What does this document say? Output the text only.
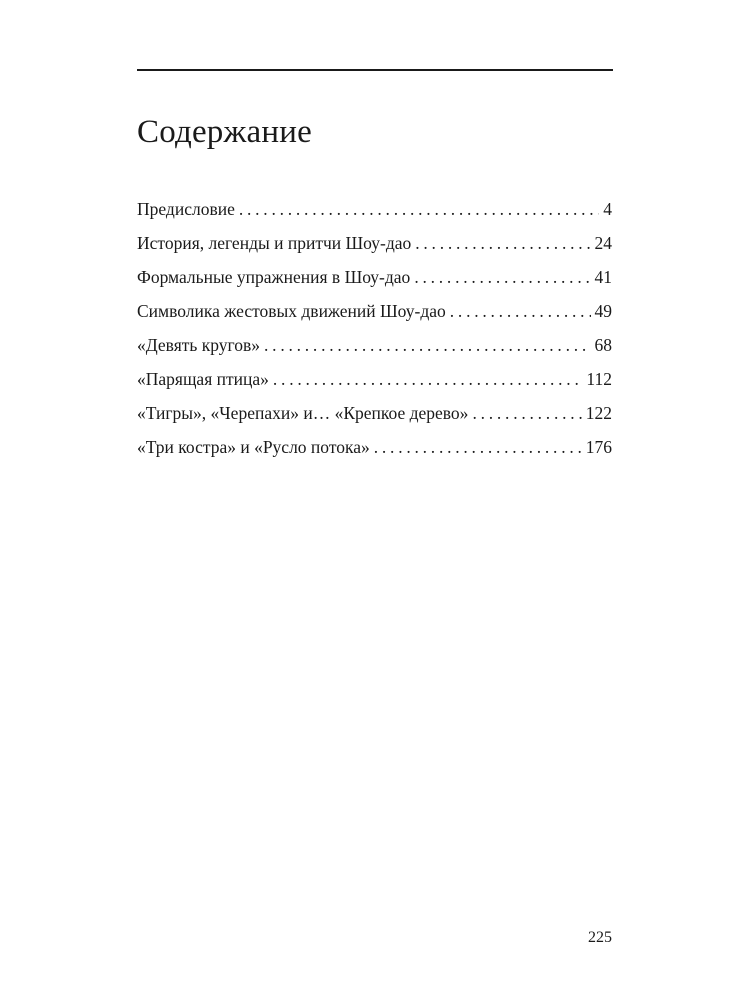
Содержание
Предисловие . . .	4
История, легенды и притчи Шоу-дао . . .	24
Формальные упражнения в Шоу-дао . . .	41
Символика жестовых движений Шоу-дао . . .	49
«Девять кругов» . . .	68
«Парящая птица» . . .	112
«Тигры», «Черепахи» и… «Крепкое дерево» . . .	122
«Три костра» и «Русло потока» . . .	176
225
